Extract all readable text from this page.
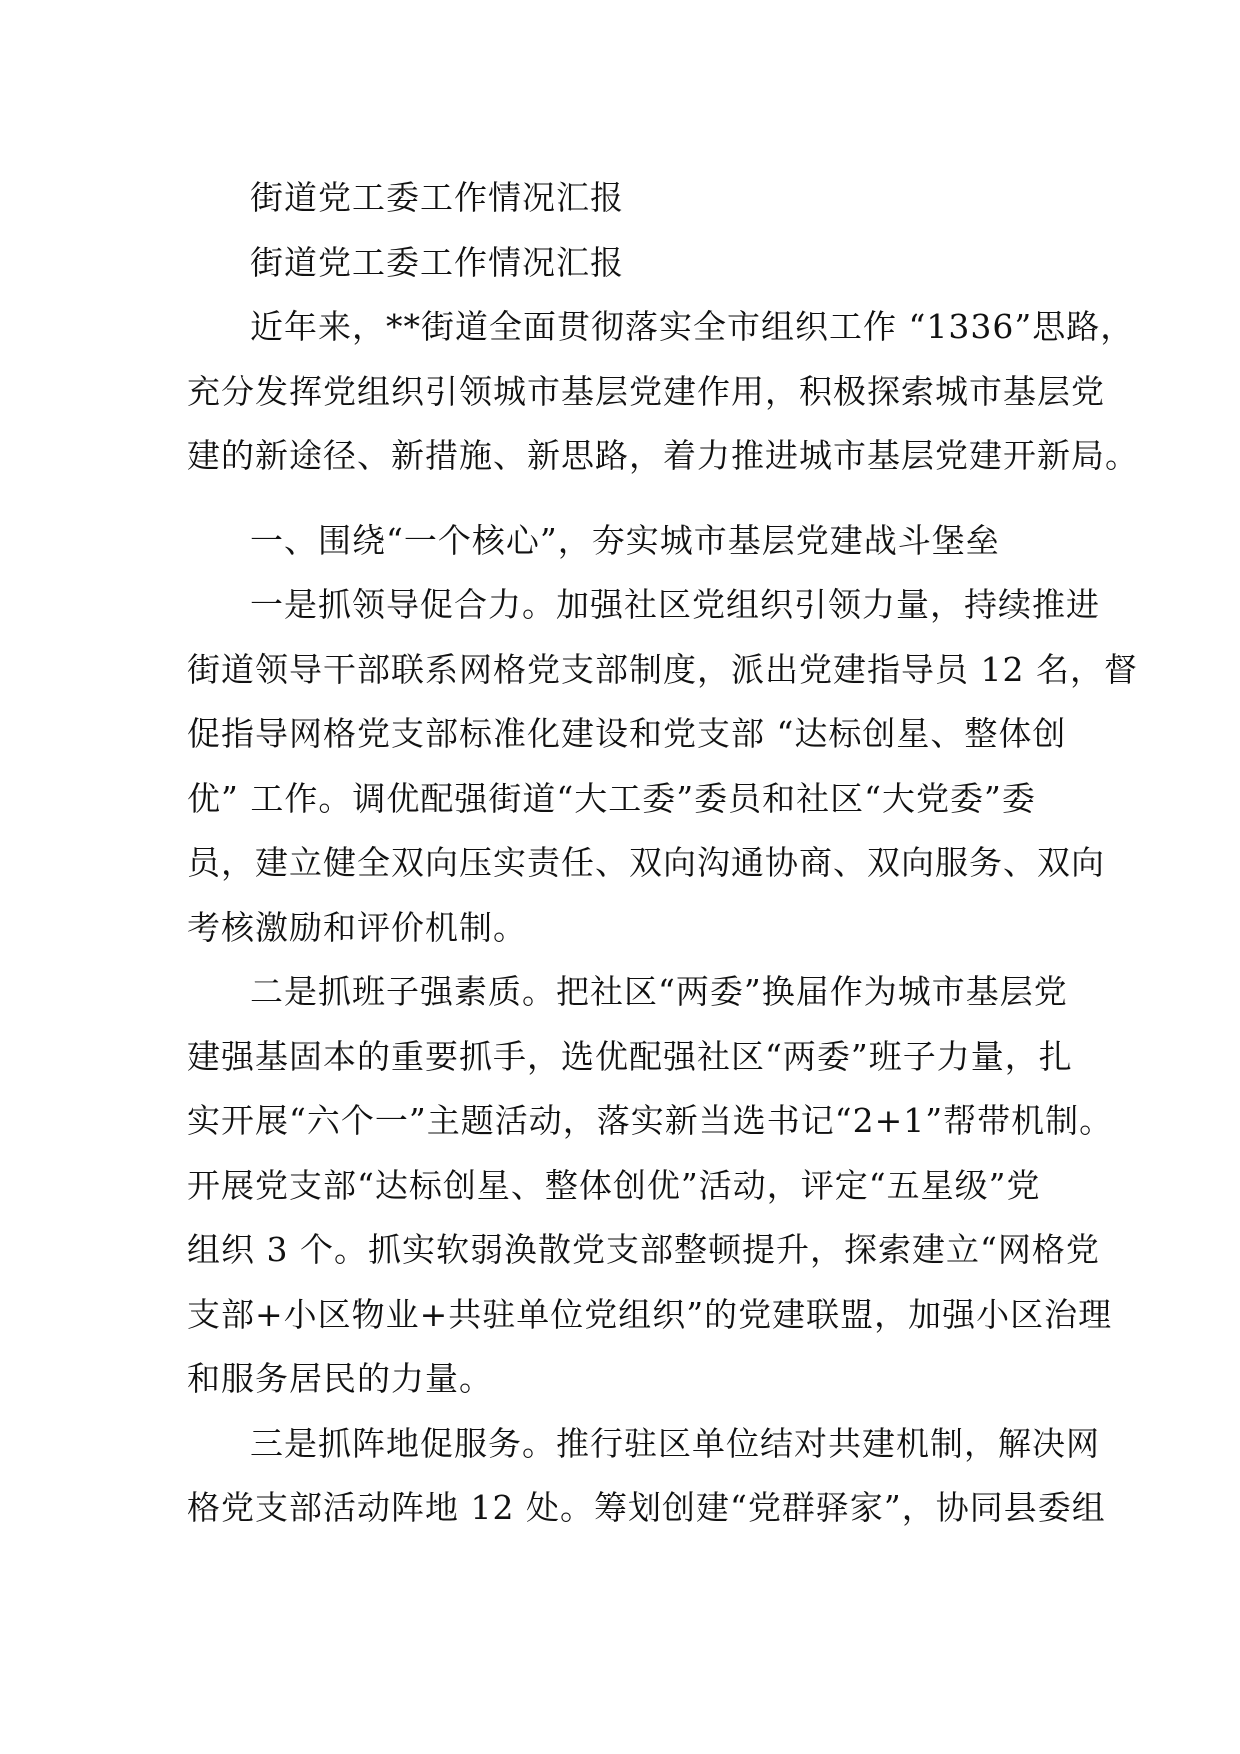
街道党工委工作情况汇报
街道党工委工作情况汇报
近年来，**街道全面贯彻落实全市组织工作 “1336”思路，
充分发挥党组织引领城市基层党建作用，积极探索城市基层党
建的新途径、新措施、新思路，着力推进城市基层党建开新局。
一、围绕“一个核心”，夯实城市基层党建战斗堡垒
一是抓领导促合力。加强社区党组织引领力量，持续推进
街道领导干部联系网格党支部制度，派出党建指导员 12 名，督
促指导网格党支部标准化建设和党支部 “达标创星、整体创
优” 工作。调优配强街道“大工委”委员和社区“大党委”委
员，建立健全双向压实责任、双向沟通协商、双向服务、双向
考核激励和评价机制。
二是抓班子强素质。把社区“两委”换届作为城市基层党
建强基固本的重要抓手，选优配强社区“两委”班子力量，扎
实开展“六个一”主题活动，落实新当选书记“2+1”帮带机制。
开展党支部“达标创星、整体创优”活动，评定“五星级”党
组织 3 个。抓实软弱涣散党支部整顿提升，探索建立“网格党
支部+小区物业+共驻单位党组织”的党建联盟，加强小区治理
和服务居民的力量。
三是抓阵地促服务。推行驻区单位结对共建机制，解决网
格党支部活动阵地 12 处。筹划创建“党群驿家”，协同县委组
